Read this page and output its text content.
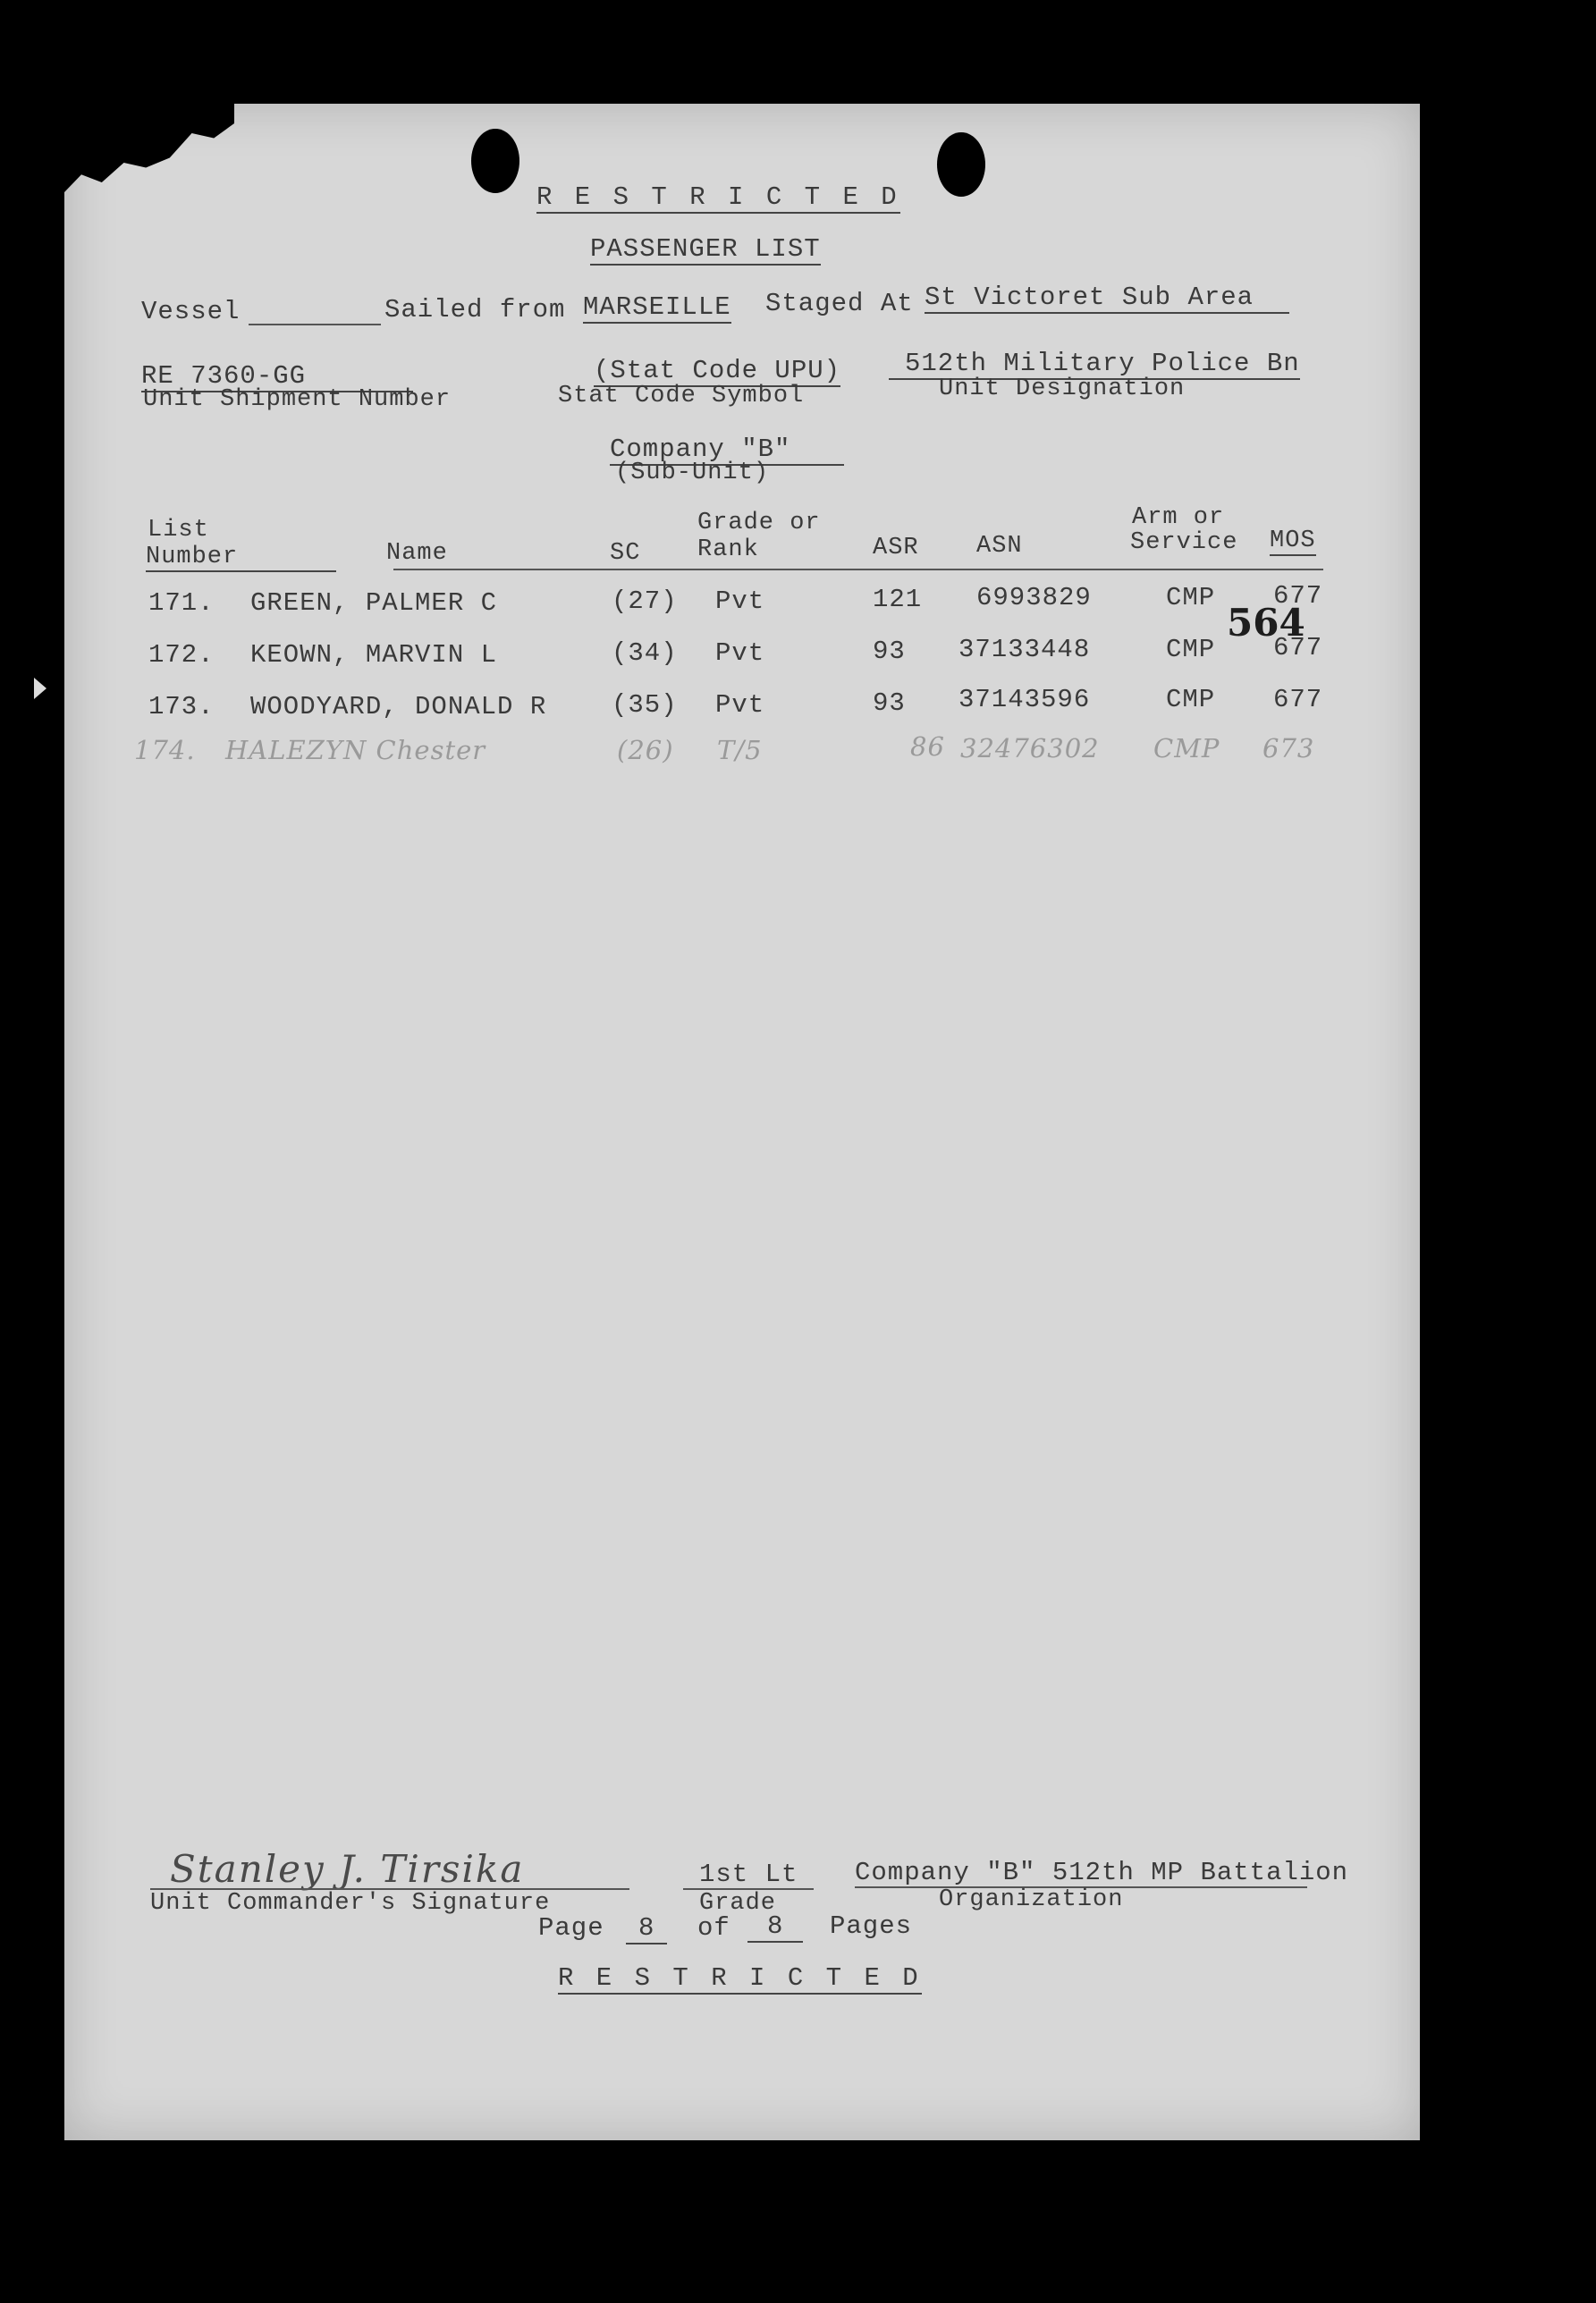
R E S T R I C T E D
PASSENGER LIST
Vessel	Sailed from MARSEILLE Staged At St Victoret Sub Area
RE 7360-GG
Unit Shipment Number
(Stat Code UPU)
Stat Code Symbol
512th Military Police Bn
Unit Designation
Company "B"
(Sub-Unit)
List
Number	Name	SC
Grade or
Rank	ASR ASN
Arm or
Service MOS
171. GREEN, PALMER C	(27) Pvt	121 6993829	CMP 677
172. KEOWN, MARVIN L	(34) Pvt	93 37133448	CMP 677
173. WOODYARD, DONALD R	(35) Pvt	93 37143596	CMP 677
174. HALEZYN Chester	(26) T/5	86 32476302 CMP 673
564
Stanley J. Tirsika
Unit Commander's Signature
1st Lt
Grade
Company "B" 512th MP Battalion
Organization
Page	8	of	8	Pages
R E S T R I C T E D
